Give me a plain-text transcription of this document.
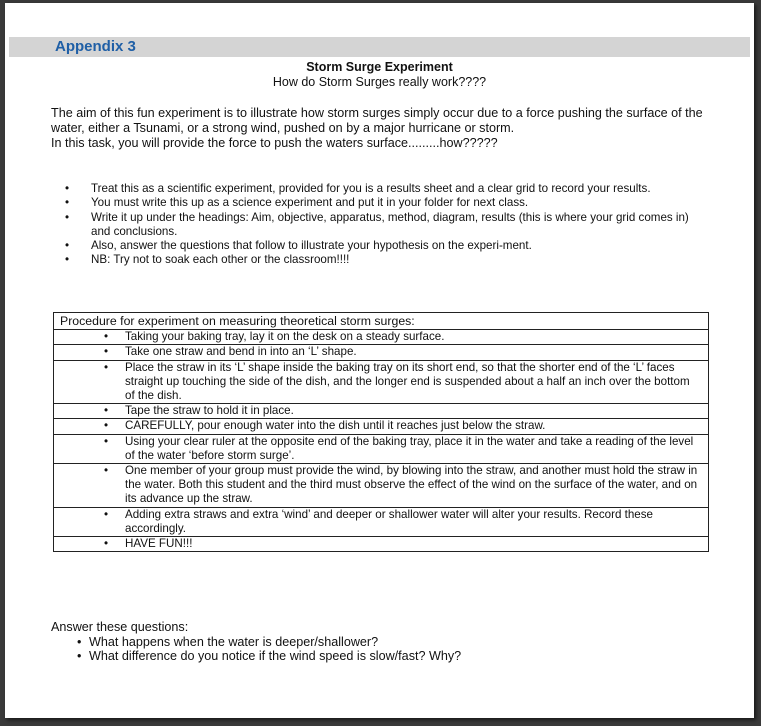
Appendix 3
Storm Surge Experiment
How do Storm Surges really work????

The aim of this fun experiment is to illustrate how storm surges simply occur due to a force pushing the surface of the water, either a Tsunami, or a strong wind, pushed on by a major hurricane or storm.

In this task, you will provide the force to push the waters surface.........how?????

• Treat this as a scientific experiment, provided for you is a results sheet and a clear grid to record your results.
• You must write this up as a science experiment and put it in your folder for next class.
• Write it up under the headings: Aim, objective, apparatus, method, diagram, results (this is where your grid comes in) and conclusions.
• Also, answer the questions that follow to illustrate your hypothesis on the experi-ment.
• NB: Try not to soak each other or the classroom!!!!
Procedure for experiment on measuring theoretical storm surges:

• Taking your baking tray, lay it on the desk on a steady surface.

• Take one straw and bend in into an ‘L’ shape.

• Place the straw in its ‘L’ shape inside the baking tray on its short end, so that the shorter end of the ‘L’ faces straight up touching the side of the dish, and the longer end is suspended about a half an inch over the bottom of the dish.

• Tape the straw to hold it in place.

• CAREFULLY, pour enough water into the dish until it reaches just below the straw.

• Using your clear ruler at the opposite end of the baking tray, place it in the water and take a reading of the level of the water ‘before storm surge’.

• One member of your group must provide the wind, by blowing into the straw, and another must hold the straw in the water. Both this student and the third must observe the effect of the wind on the surface of the water, and on its advance up the straw.

• Adding extra straws and extra ‘wind’ and deeper or shallower water will alter your results. Record these accordingly.

• HAVE FUN!!!
Answer these questions:
• What happens when the water is deeper/shallower?
• What difference do you notice if the wind speed is slow/fast? Why?
